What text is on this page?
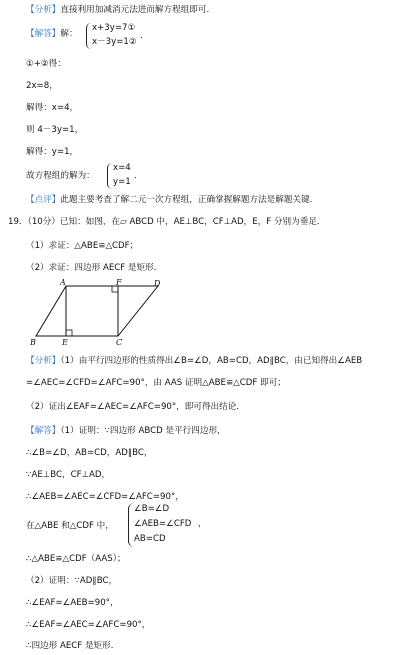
【分析】直接利用加减消元法进而解方程组即可.
【解答】解：
x+3y=7①
x－3y=1②
．
①+②得：
2x=8，
解得：x=4，
则 4－3y=1，
解得：y=1，
故方程组的解为：
x=4
y=1
．
【点评】此题主要考查了解二元一次方程组，正确掌握解题方法是解题关键．
19．（10分）已知：如图，在▱ ABCD 中，AE⊥BC，CF⊥AD，E，F 分别为垂足．
（1）求证：△ABE≌△CDF；
（2）求证：四边形 AECF 是矩形．
A	F	D
B	E	C
【分析】（1）由平行四边形的性质得出∠B=∠D，AB=CD，AD∥BC，由已知得出∠AEB
=∠AEC=∠CFD=∠AFC=90°，由 AAS 证明△ABE≌△CDF 即可；
（2）证出∠EAF=∠AEC=∠AFC=90°，即可得出结论．
【解答】（1）证明：∵四边形 ABCD 是平行四边形，
∴∠B=∠D，AB=CD，AD∥BC，
∵AE⊥BC，CF⊥AD，
∴∠AEB=∠AEC=∠CFD=∠AFC=90°，
在△ABE 和△CDF 中，
∠B=∠D
∠AEB=∠CFD
AB=CD
，
∴△ABE≌△CDF（AAS）；
（2）证明：∵AD∥BC，
∴∠EAF=∠AEB=90°，
∴∠EAF=∠AEC=∠AFC=90°，
∴四边形 AECF 是矩形．
